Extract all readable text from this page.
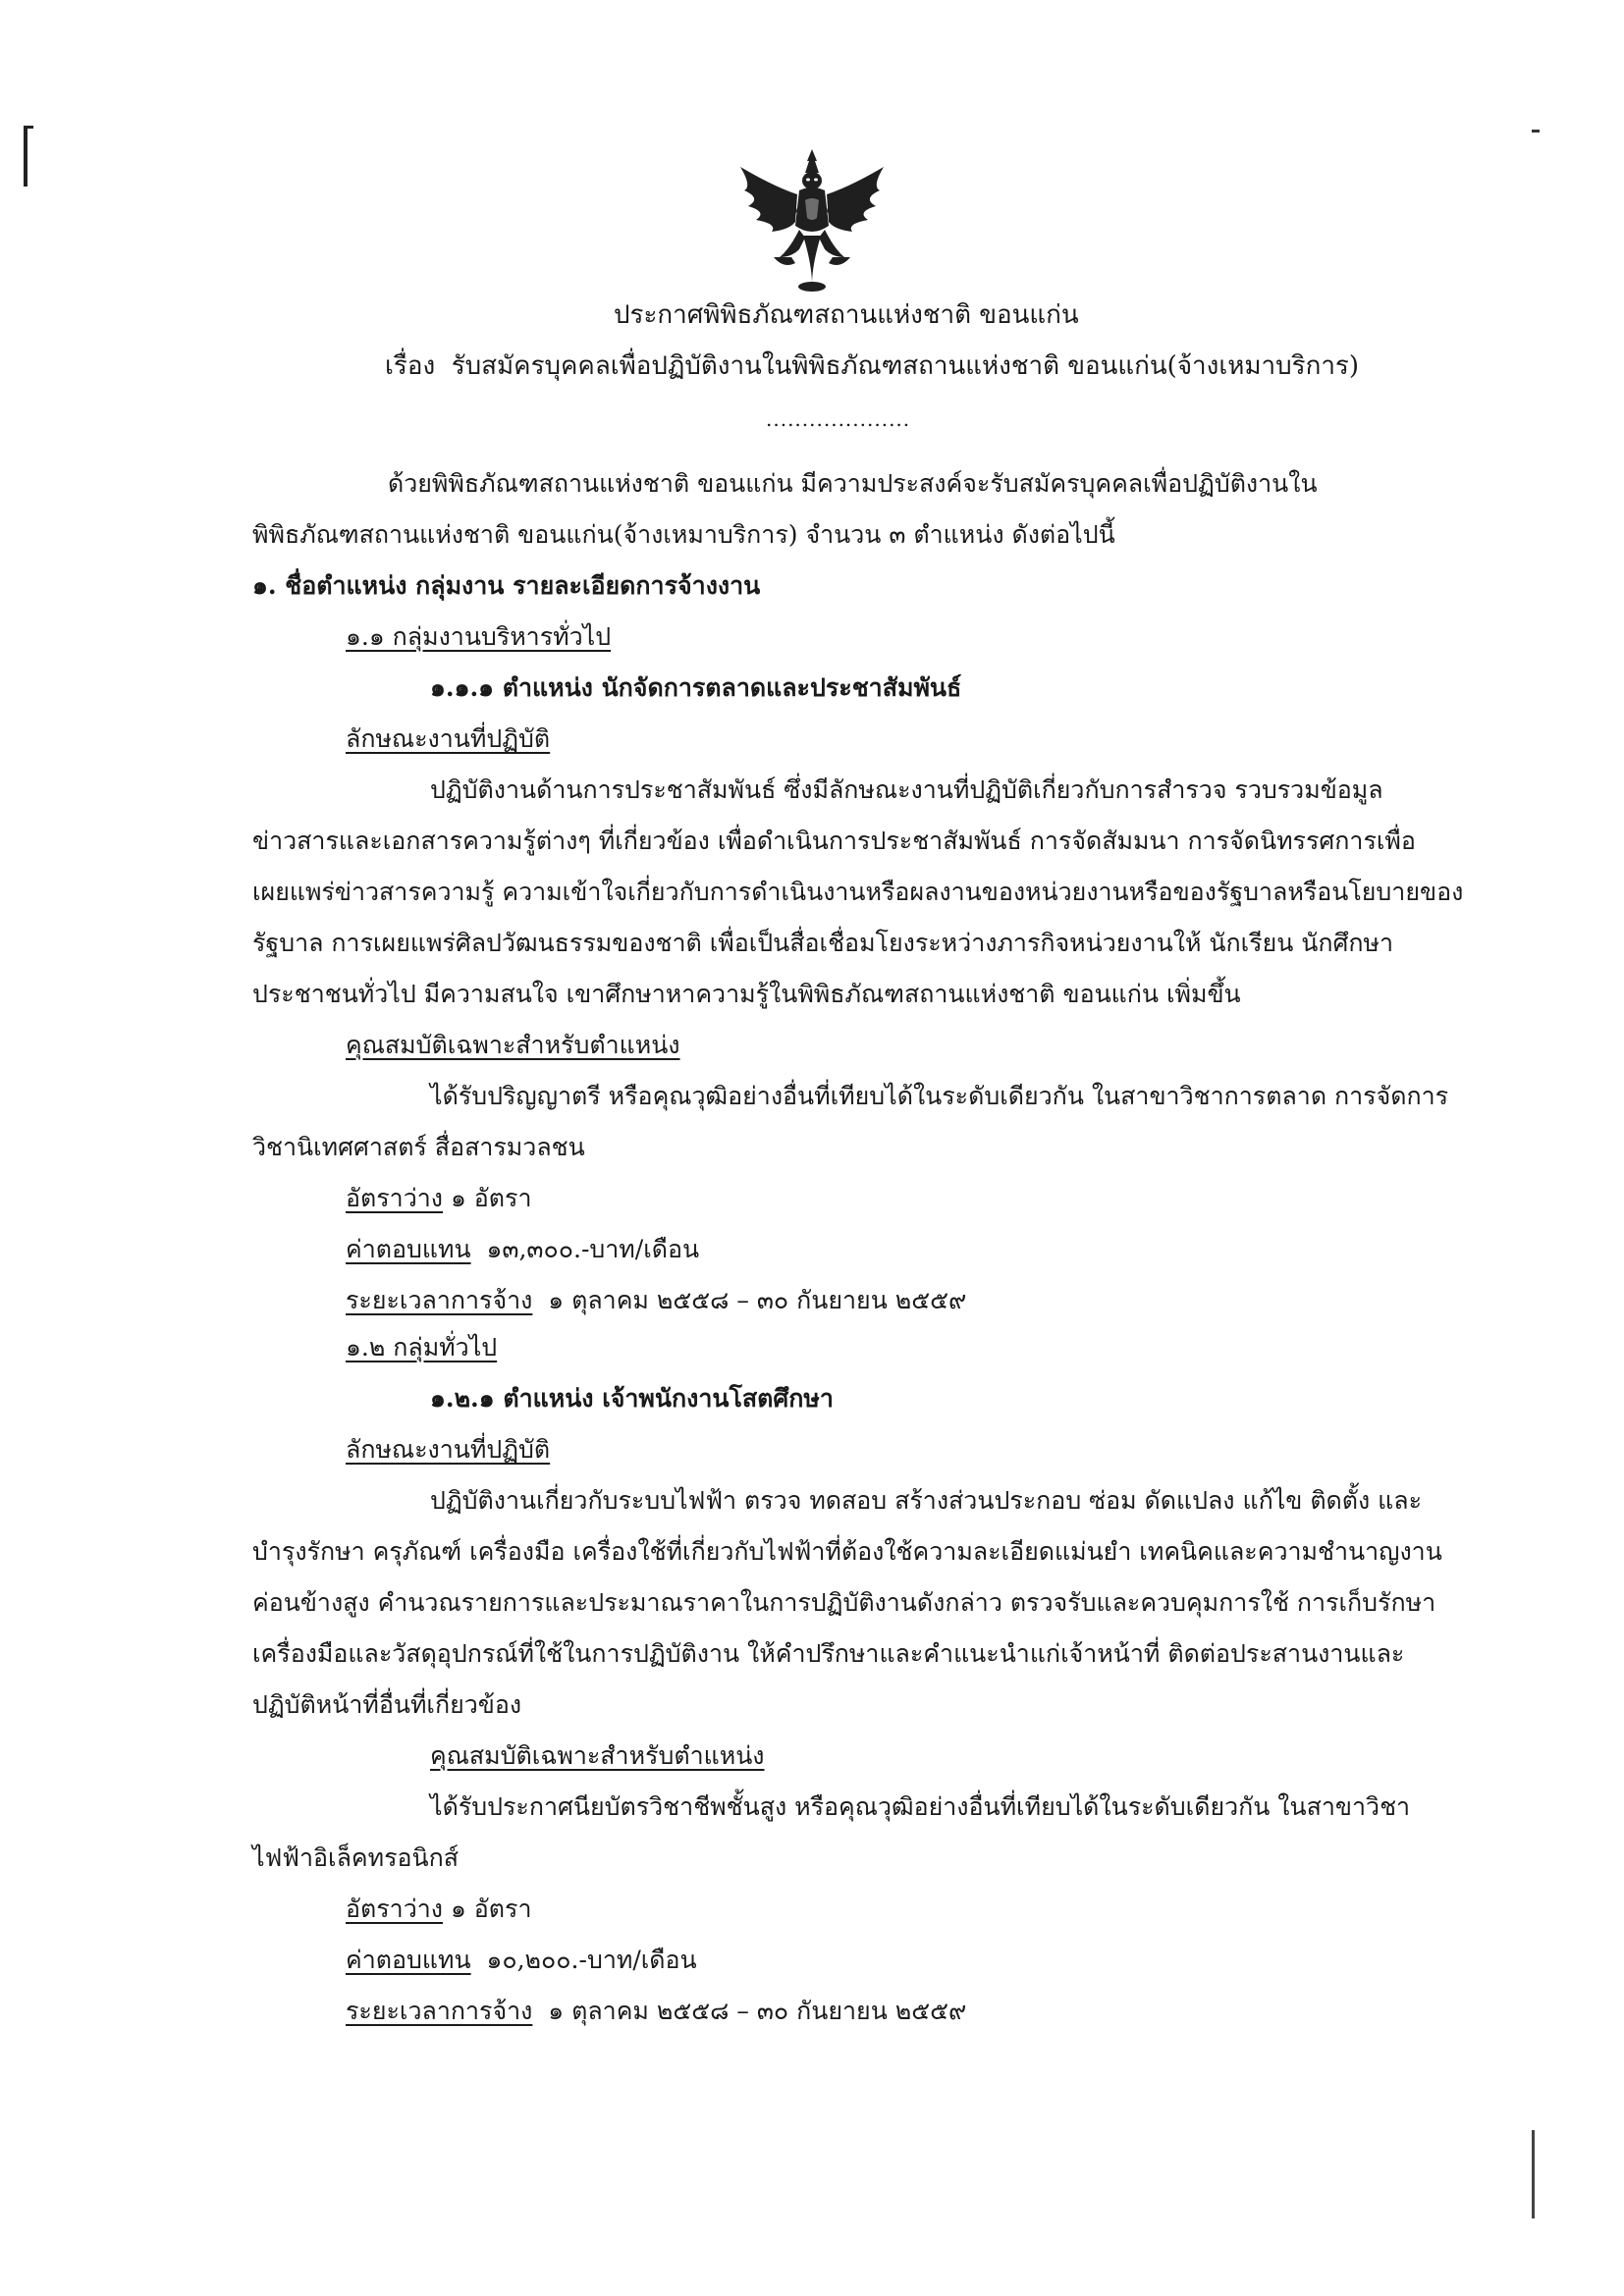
ประกาศพิพิธภัณฑสถานแห่งชาติ ขอนแก่น
เรื่อง รับสมัครบุคคลเพื่อปฏิบัติงานในพิพิธภัณฑสถานแห่งชาติ ขอนแก่น(จ้างเหมาบริการ)
....................
ด้วยพิพิธภัณฑสถานแห่งชาติ ขอนแก่น มีความประสงค์จะรับสมัครบุคคลเพื่อปฏิบัติงานใน
พิพิธภัณฑสถานแห่งชาติ ขอนแก่น(จ้างเหมาบริการ) จำนวน ๓ ตำแหน่ง ดังต่อไปนี้
๑. ชื่อตำแหน่ง กลุ่มงาน รายละเอียดการจ้างงาน
๑.๑ กลุ่มงานบริหารทั่วไป
๑.๑.๑ ตำแหน่ง นักจัดการตลาดและประชาสัมพันธ์
ลักษณะงานที่ปฏิบัติ
ปฏิบัติงานด้านการประชาสัมพันธ์ ซึ่งมีลักษณะงานที่ปฏิบัติเกี่ยวกับการสำรวจ รวบรวมข้อมูล
ข่าวสารและเอกสารความรู้ต่างๆ ที่เกี่ยวข้อง เพื่อดำเนินการประชาสัมพันธ์ การจัดสัมมนา การจัดนิทรรศการเพื่อ
เผยแพร่ข่าวสารความรู้ ความเข้าใจเกี่ยวกับการดำเนินงานหรือผลงานของหน่วยงานหรือของรัฐบาลหรือนโยบายของ
รัฐบาล การเผยแพร่ศิลปวัฒนธรรมของชาติ เพื่อเป็นสื่อเชื่อมโยงระหว่างภารกิจหน่วยงานให้ นักเรียน นักศึกษา
ประชาชนทั่วไป มีความสนใจ เขาศึกษาหาความรู้ในพิพิธภัณฑสถานแห่งชาติ ขอนแก่น เพิ่มขึ้น
คุณสมบัติเฉพาะสำหรับตำแหน่ง
ได้รับปริญญาตรี หรือคุณวุฒิอย่างอื่นที่เทียบได้ในระดับเดียวกัน ในสาขาวิชาการตลาด การจัดการ
วิชานิเทศศาสตร์ สื่อสารมวลชน
อัตราว่าง ๑ อัตรา
ค่าตอบแทน ๑๓,๓๐๐.-บาท/เดือน
ระยะเวลาการจ้าง ๑ ตุลาคม ๒๕๕๘ – ๓๐ กันยายน ๒๕๕๙
๑.๒ กลุ่มทั่วไป
๑.๒.๑ ตำแหน่ง เจ้าพนักงานโสตศึกษา
ลักษณะงานที่ปฏิบัติ
ปฏิบัติงานเกี่ยวกับระบบไฟฟ้า ตรวจ ทดสอบ สร้างส่วนประกอบ ซ่อม ดัดแปลง แก้ไข ติดตั้ง และ
บำรุงรักษา ครุภัณฑ์ เครื่องมือ เครื่องใช้ที่เกี่ยวกับไฟฟ้าที่ต้องใช้ความละเอียดแม่นยำ เทคนิคและความชำนาญงาน
ค่อนข้างสูง คำนวณรายการและประมาณราคาในการปฏิบัติงานดังกล่าว ตรวจรับและควบคุมการใช้ การเก็บรักษา
เครื่องมือและวัสดุอุปกรณ์ที่ใช้ในการปฏิบัติงาน ให้คำปรึกษาและคำแนะนำแก่เจ้าหน้าที่ ติดต่อประสานงานและ
ปฏิบัติหน้าที่อื่นที่เกี่ยวข้อง
คุณสมบัติเฉพาะสำหรับตำแหน่ง
ได้รับประกาศนียบัตรวิชาชีพชั้นสูง หรือคุณวุฒิอย่างอื่นที่เทียบได้ในระดับเดียวกัน ในสาขาวิชา
ไฟฟ้าอิเล็คทรอนิกส์
อัตราว่าง ๑ อัตรา
ค่าตอบแทน ๑๐,๒๐๐.-บาท/เดือน
ระยะเวลาการจ้าง ๑ ตุลาคม ๒๕๕๘ – ๓๐ กันยายน ๒๕๕๙
